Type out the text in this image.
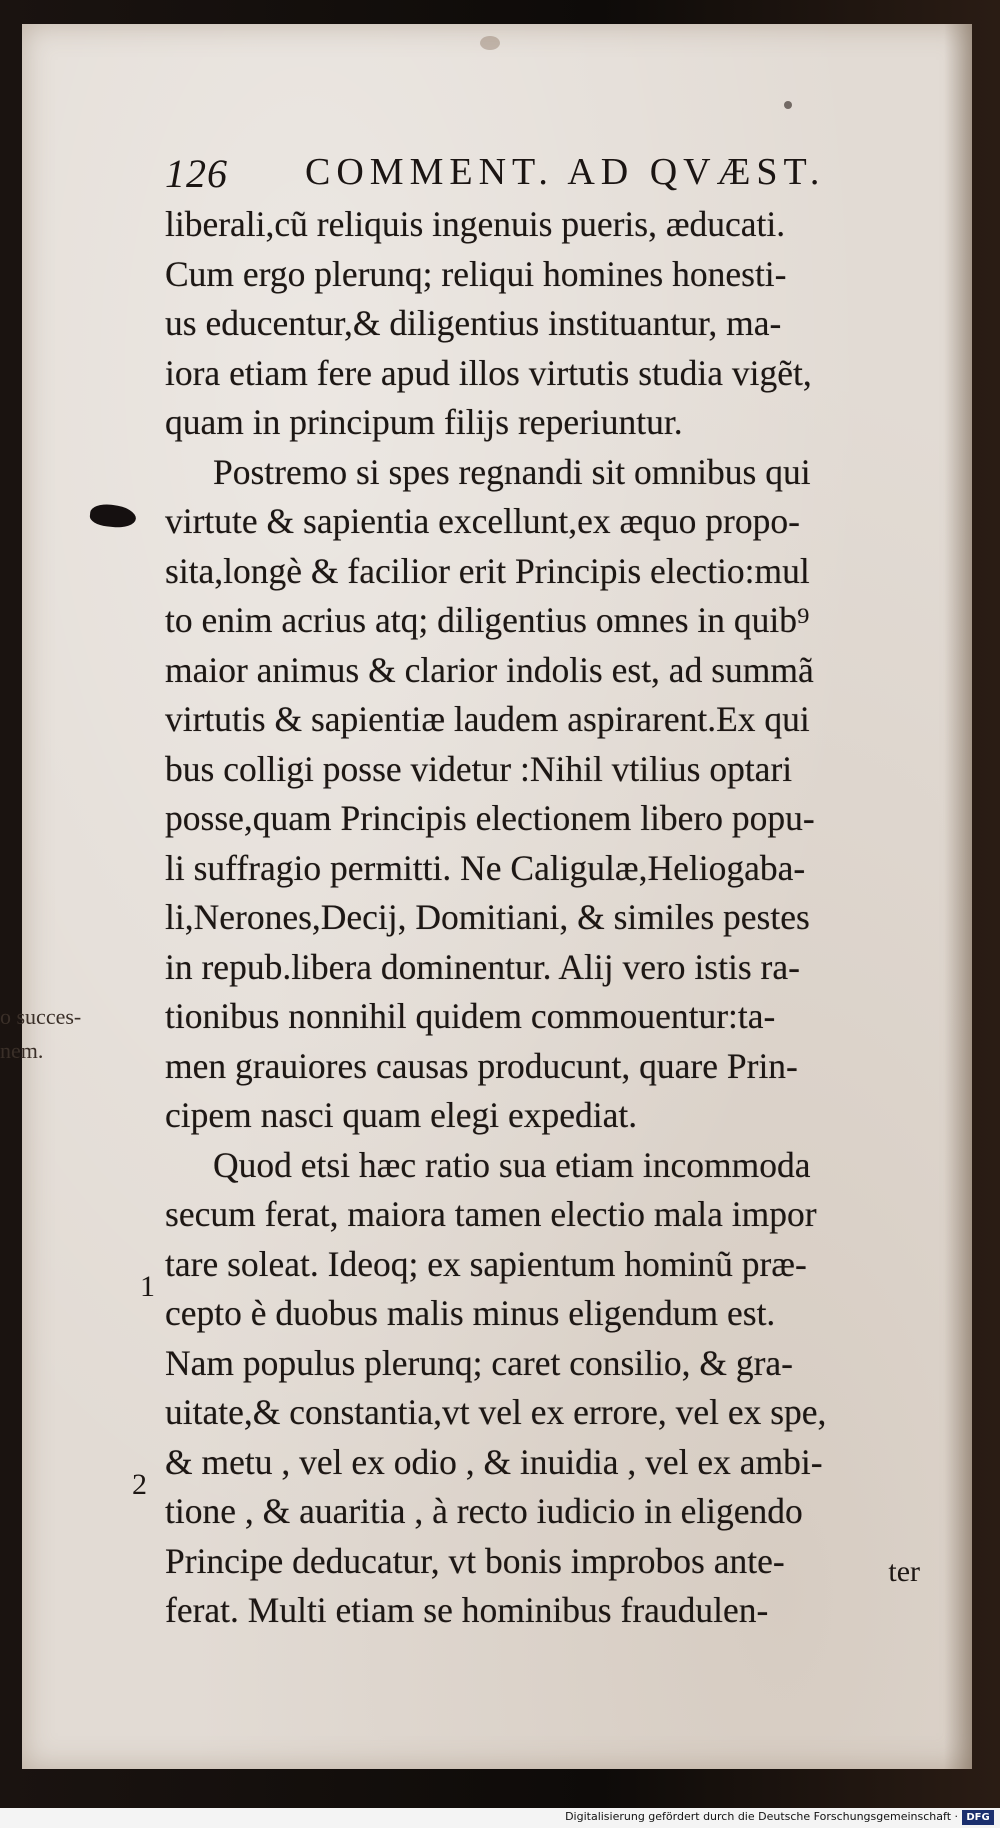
126 COMMENT. AD QVÆST.
liberali,cũ reliquis ingenuis pueris, æducati.
Cum ergo plerunq; reliqui homines honesti-
us educentur,& diligentius instituantur, ma-
iora etiam fere apud illos virtutis studia vigẽt,
quam in principum filijs reperiuntur.
Postremo si spes regnandi sit omnibus qui
virtute & sapientia excellunt,ex æquo propo-
sita,longè & facilior erit Principis electio:mul
to enim acrius atq; diligentius omnes in quib⁹
maior animus & clarior indolis est, ad summã
virtutis & sapientiæ laudem aspirarent.Ex qui
bus colligi posse videtur :Nihil vtilius optari
posse,quam Principis electionem libero popu-
li suffragio permitti. Ne Caligulæ,Heliogaba-
li,Nerones,Decij, Domitiani, & similes pestes
in repub.libera dominentur. Alij vero istis ra-
tionibus nonnihil quidem commouentur:ta-
men grauiores causas producunt, quare Prin-
cipem nasci quam elegi expediat.
Quod etsi hæc ratio sua etiam incommoda
secum ferat, maiora tamen electio mala impor
tare soleat. Ideoq; ex sapientum hominũ præ-
cepto è duobus malis minus eligendum est.
Nam populus plerunq; caret consilio, & gra-
uitate,& constantia,vt vel ex errore, vel ex spe,
& metu , vel ex odio , & inuidia , vel ex ambi-
tione , & auaritia , à recto iudicio in eligendo
Principe deducatur, vt bonis improbos ante-
ferat. Multi etiam se hominibus fraudulen-
o succes-
nem.
1
2
ter
Digitalisierung gefördert durch die Deutsche Forschungsgemeinschaft · DFG
